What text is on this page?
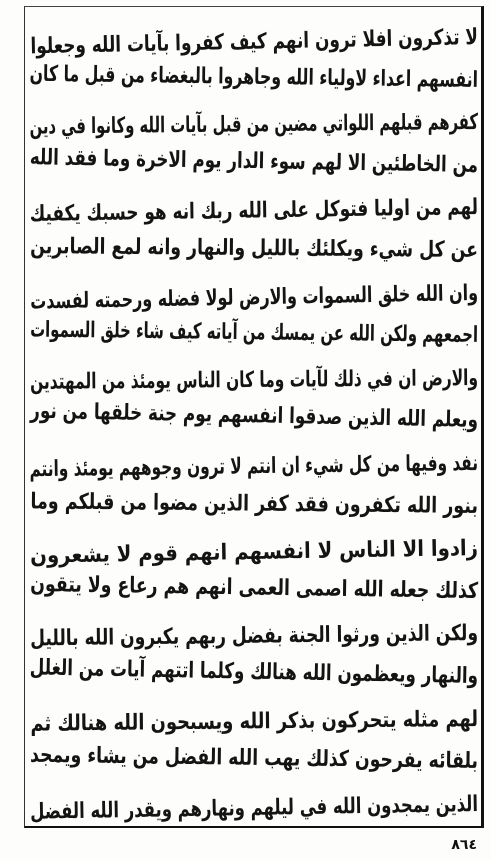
لا تذكرون افلا ترون انهم كيف كفروا بآيات الله وجعلوا
انفسهم اعداء لاولياء الله وجاهروا بالبغضاء من قبل ما كان
كفرهم قبلهم اللواتي مضين من قبل بآيات الله وكانوا في دين
من الخاطئين الا لهم سوء الدار يوم الاخرة وما فقد الله
لهم من اوليا فتوكل على الله ربك انه هو حسبك يكفيك
عن كل شيء ويكلئك بالليل والنهار وانه لمع الصابرين
وان الله خلق السموات والارض لولا فضله ورحمته لفسدت
اجمعهم ولكن الله عن يمسك من آياته كيف شاء خلق السموات
والارض ان في ذلك لآيات وما كان الناس يومئذ من المهتدين
ويعلم الله الذين صدقوا انفسهم يوم جنة خلقها من نور
نفد وفيها من كل شيء ان انتم لا ترون وجوههم يومئذ وانتم
بنور الله تكفرون فقد كفر الذين مضوا من قبلكم وما
زادوا الا الناس لا انفسهم انهم قوم لا يشعرون
كذلك جعله الله اصمى العمى انهم هم رعاع ولا يتقون
ولكن الذين ورثوا الجنة بفضل ربهم يكبرون الله بالليل
والنهار ويعظمون الله هنالك وكلما اتتهم آيات من الغلل
لهم مثله يتحركون بذكر الله ويسبحون الله هنالك ثم
بلقائه يفرحون كذلك يهب الله الفضل من يشاء ويمجد
الذين يمجدون الله في ليلهم ونهارهم ويقدر الله الفضل
٨٦٤
